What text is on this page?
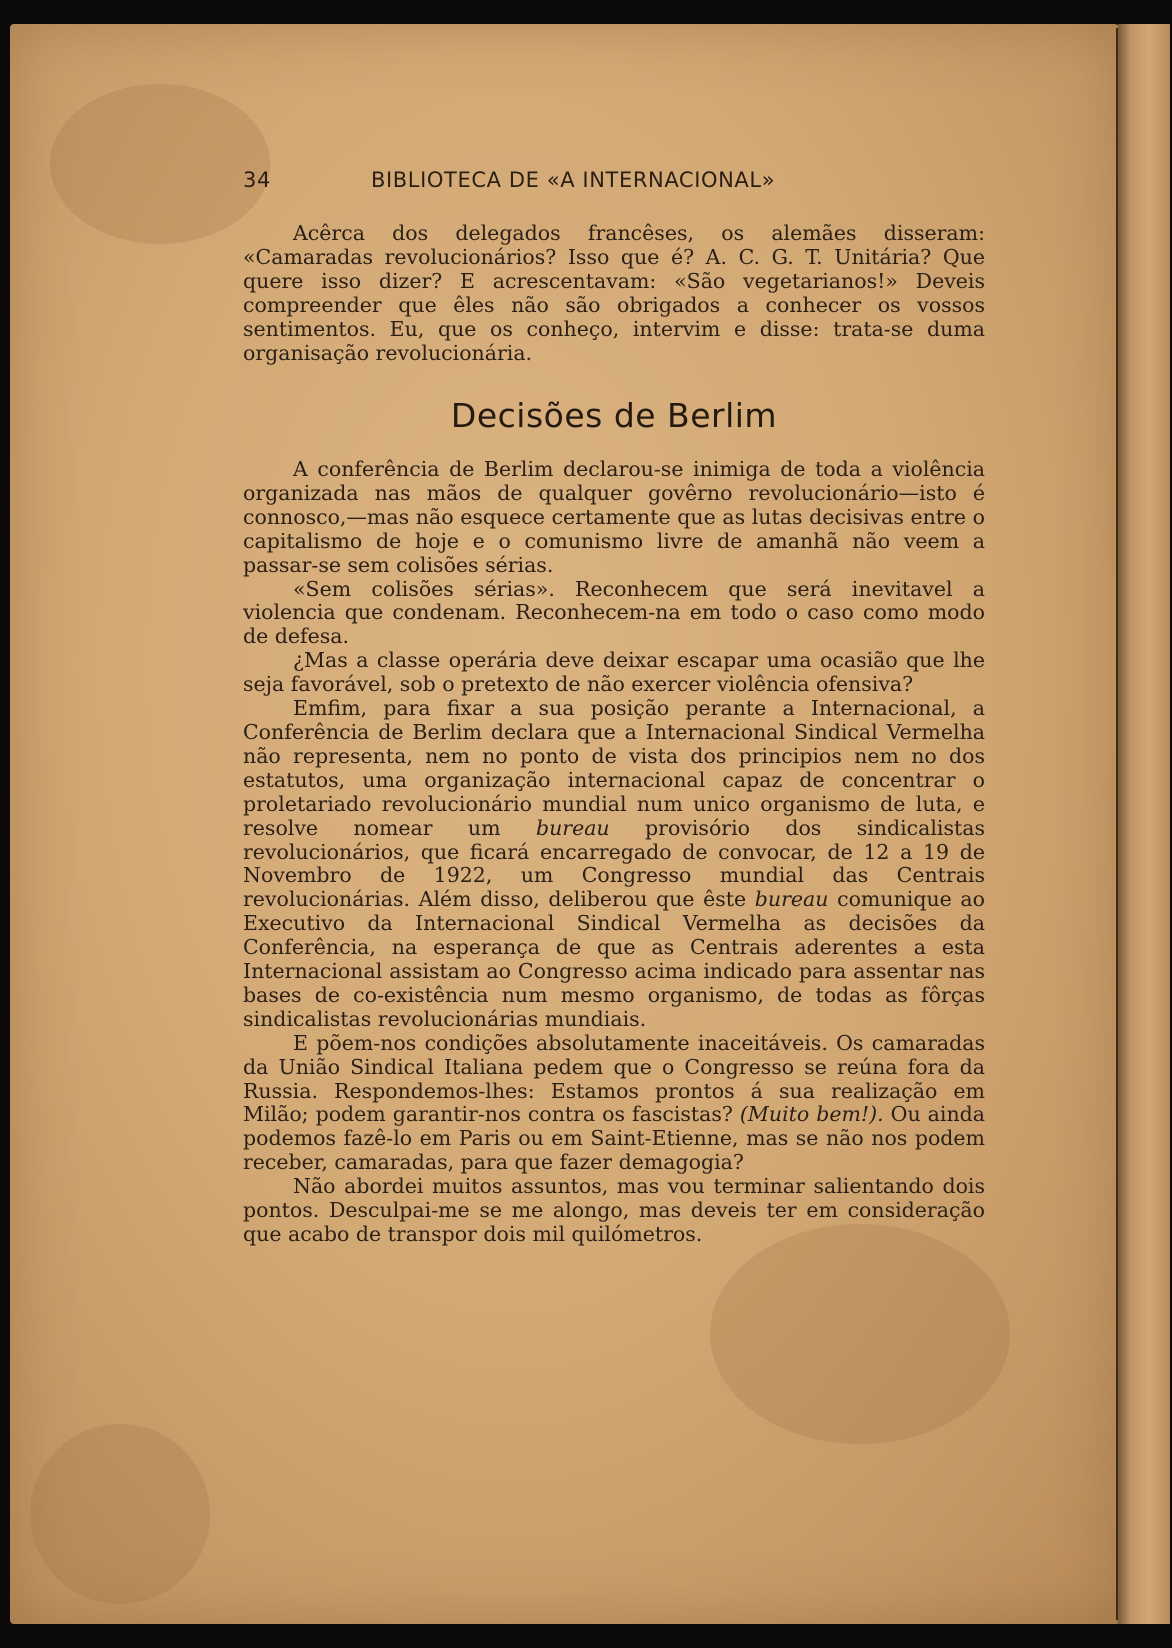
34	BIBLIOTECA DE «A INTERNACIONAL»

Acêrca dos delegados francêses, os alemães disseram: «Camaradas revolucionários? Isso que é? A. C. G. T. Unitária? Que quere isso dizer? E acrescentavam: «São vegetarianos!» Deveis compreender que êles não são obrigados a conhecer os vossos sentimentos. Eu, que os conheço, intervim e disse: trata-se duma organisação revolucionária.

Decisões de Berlim

A conferência de Berlim declarou-se inimiga de toda a violência organizada nas mãos de qualquer govêrno revolucionário—isto é connosco,—mas não esquece certamente que as lutas decisivas entre o capitalismo de hoje e o comunismo livre de amanhã não veem a passar-se sem colisões sérias.

«Sem colisões sérias». Reconhecem que será inevitavel a violencia que condenam. Reconhecem-na em todo o caso como modo de defesa.

¿Mas a classe operária deve deixar escapar uma ocasião que lhe seja favorável, sob o pretexto de não exercer violência ofensiva?

Emfim, para fixar a sua posição perante a Internacional, a Conferência de Berlim declara que a Internacional Sindical Vermelha não representa, nem no ponto de vista dos principios nem no dos estatutos, uma organização internacional capaz de concentrar o proletariado revolucionário mundial num unico organismo de luta, e resolve nomear um bureau provisório dos sindicalistas revolucionários, que ficará encarregado de convocar, de 12 a 19 de Novembro de 1922, um Congresso mundial das Centrais revolucionárias. Além disso, deliberou que êste bureau comunique ao Executivo da Internacional Sindical Vermelha as decisões da Conferência, na esperança de que as Centrais aderentes a esta Internacional assistam ao Congresso acima indicado para assentar nas bases de co-existência num mesmo organismo, de todas as fôrças sindicalistas revolucionárias mundiais.

E põem-nos condições absolutamente inaceitáveis. Os camaradas da União Sindical Italiana pedem que o Congresso se reúna fora da Russia. Respondemos-lhes: Estamos prontos á sua realização em Milão; podem garantir-nos contra os fascistas? (Muito bem!). Ou ainda podemos fazê-lo em Paris ou em Saint-Etienne, mas se não nos podem receber, camaradas, para que fazer demagogia?

Não abordei muitos assuntos, mas vou terminar salientando dois pontos. Desculpai-me se me alongo, mas deveis ter em consideração que acabo de transpor dois mil quilómetros.
